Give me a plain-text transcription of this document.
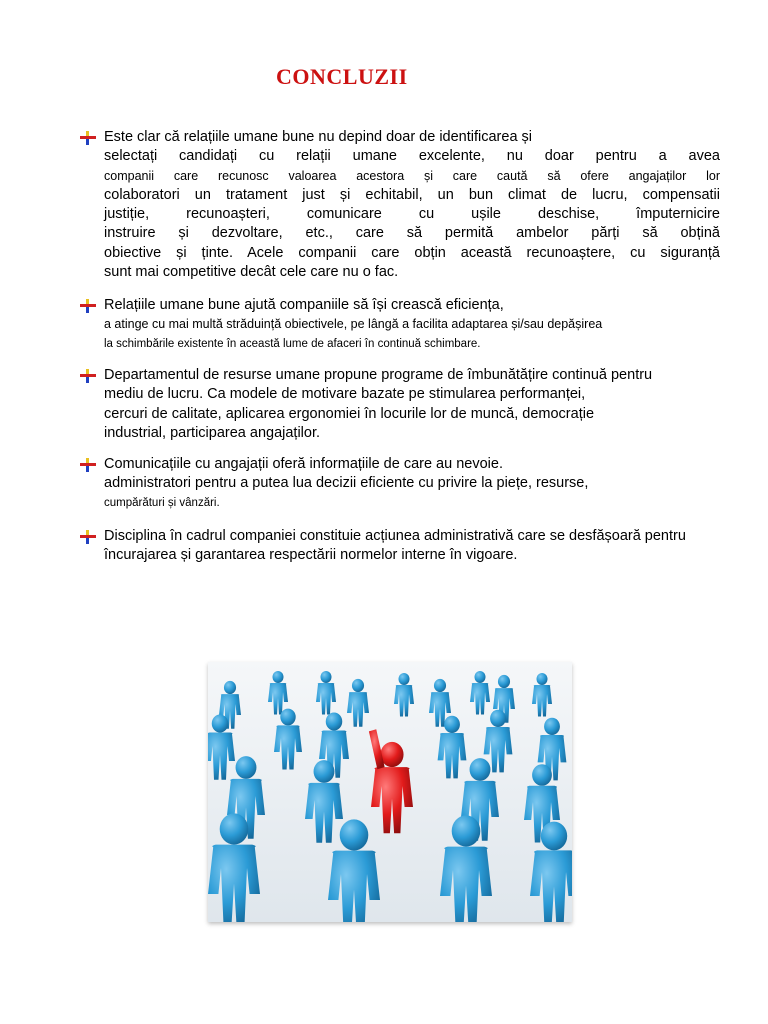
CONCLUZII
Este clar că relațiile umane bune nu depind doar de identificarea și
selectați candidați cu relații umane excelente, nu doar pentru a avea
companii care recunosc valoarea acestora și care caută să ofere angajaților lor
colaboratori un tratament just și echitabil, un bun climat de lucru, compensatii
justiție, recunoașteri, comunicare cu ușile deschise, împuternicire
instruire și dezvoltare, etc., care să permită ambelor părți să obțină
obiective și ținte. Acele companii care obțin această recunoaștere, cu siguranță
sunt mai competitive decât cele care nu o fac.
Relațiile umane bune ajută companiile să își crească eficiența,
a atinge cu mai multă străduință obiectivele, pe lângă a facilita adaptarea și/sau depășirea
la schimbările existente în această lume de afaceri în continuă schimbare.
Departamentul de resurse umane propune programe de îmbunătățire continuă pentru
mediu de lucru. Ca modele de motivare bazate pe stimularea performanței,
cercuri de calitate, aplicarea ergonomiei în locurile lor de muncă, democrație
industrial, participarea angajaților.
Comunicațiile cu angajații oferă informațiile de care au nevoie.
administratori pentru a putea lua decizii eficiente cu privire la piețe, resurse,
cumpărături și vânzări.
Disciplina în cadrul companiei constituie acțiunea administrativă care se desfășoară pentru
încurajarea și garantarea respectării normelor interne în vigoare.
